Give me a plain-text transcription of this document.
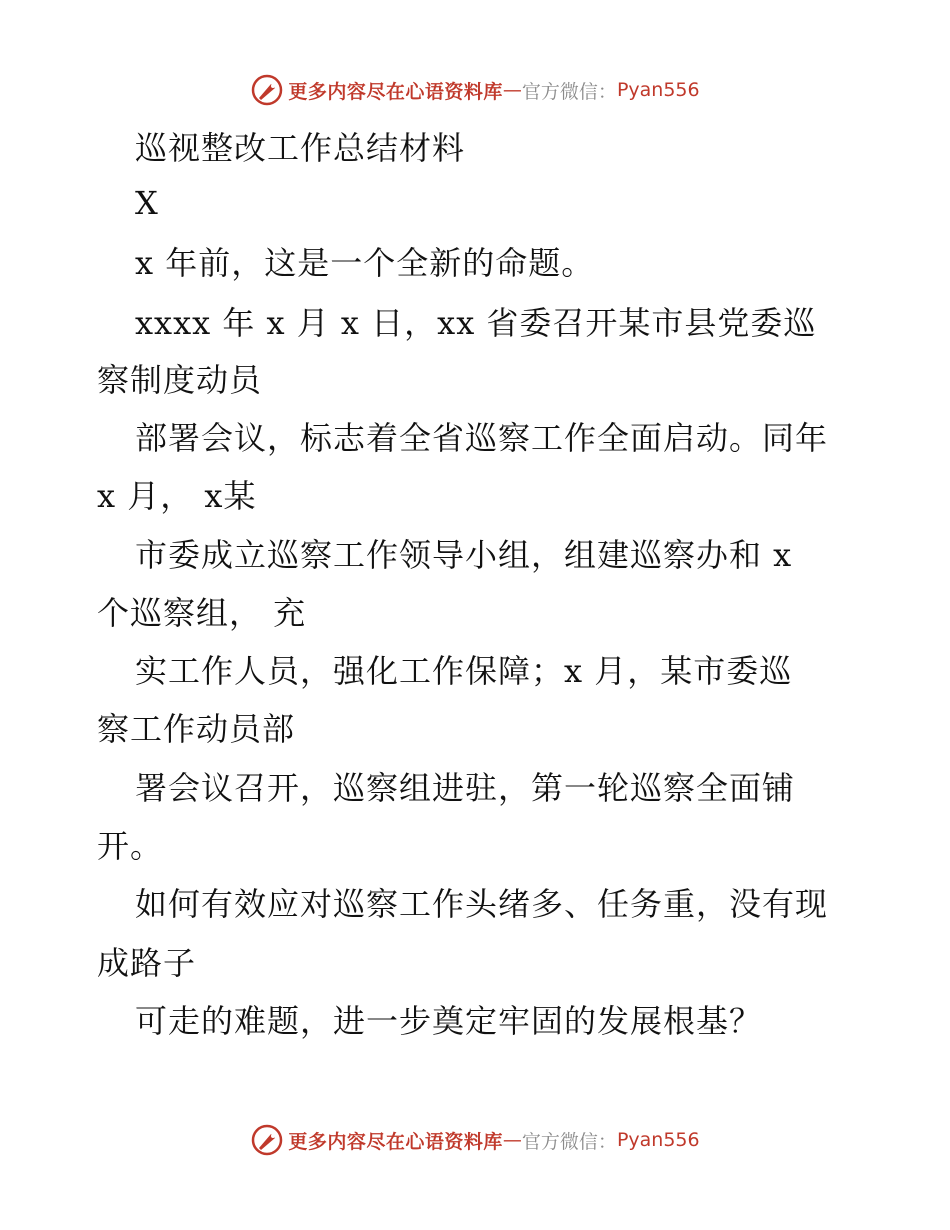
更多内容尽在心语资料库 — 官方微信： Pyan556
巡视整改工作总结材料
X
x 年前，这是一个全新的命题。
xxxx 年 x 月 x 日，xx 省委召开某市县党委巡
察制度动员
部署会议，标志着全省巡察工作全面启动。同年
x 月， x某
市委成立巡察工作领导小组，组建巡察办和 x
个巡察组， 充
实工作人员，强化工作保障；x 月，某市委巡
察工作动员部
署会议召开，巡察组进驻，第一轮巡察全面铺
开。
如何有效应对巡察工作头绪多、任务重，没有现
成路子
可走的难题，进一步奠定牢固的发展根基？
更多内容尽在心语资料库 — 官方微信： Pyan556
